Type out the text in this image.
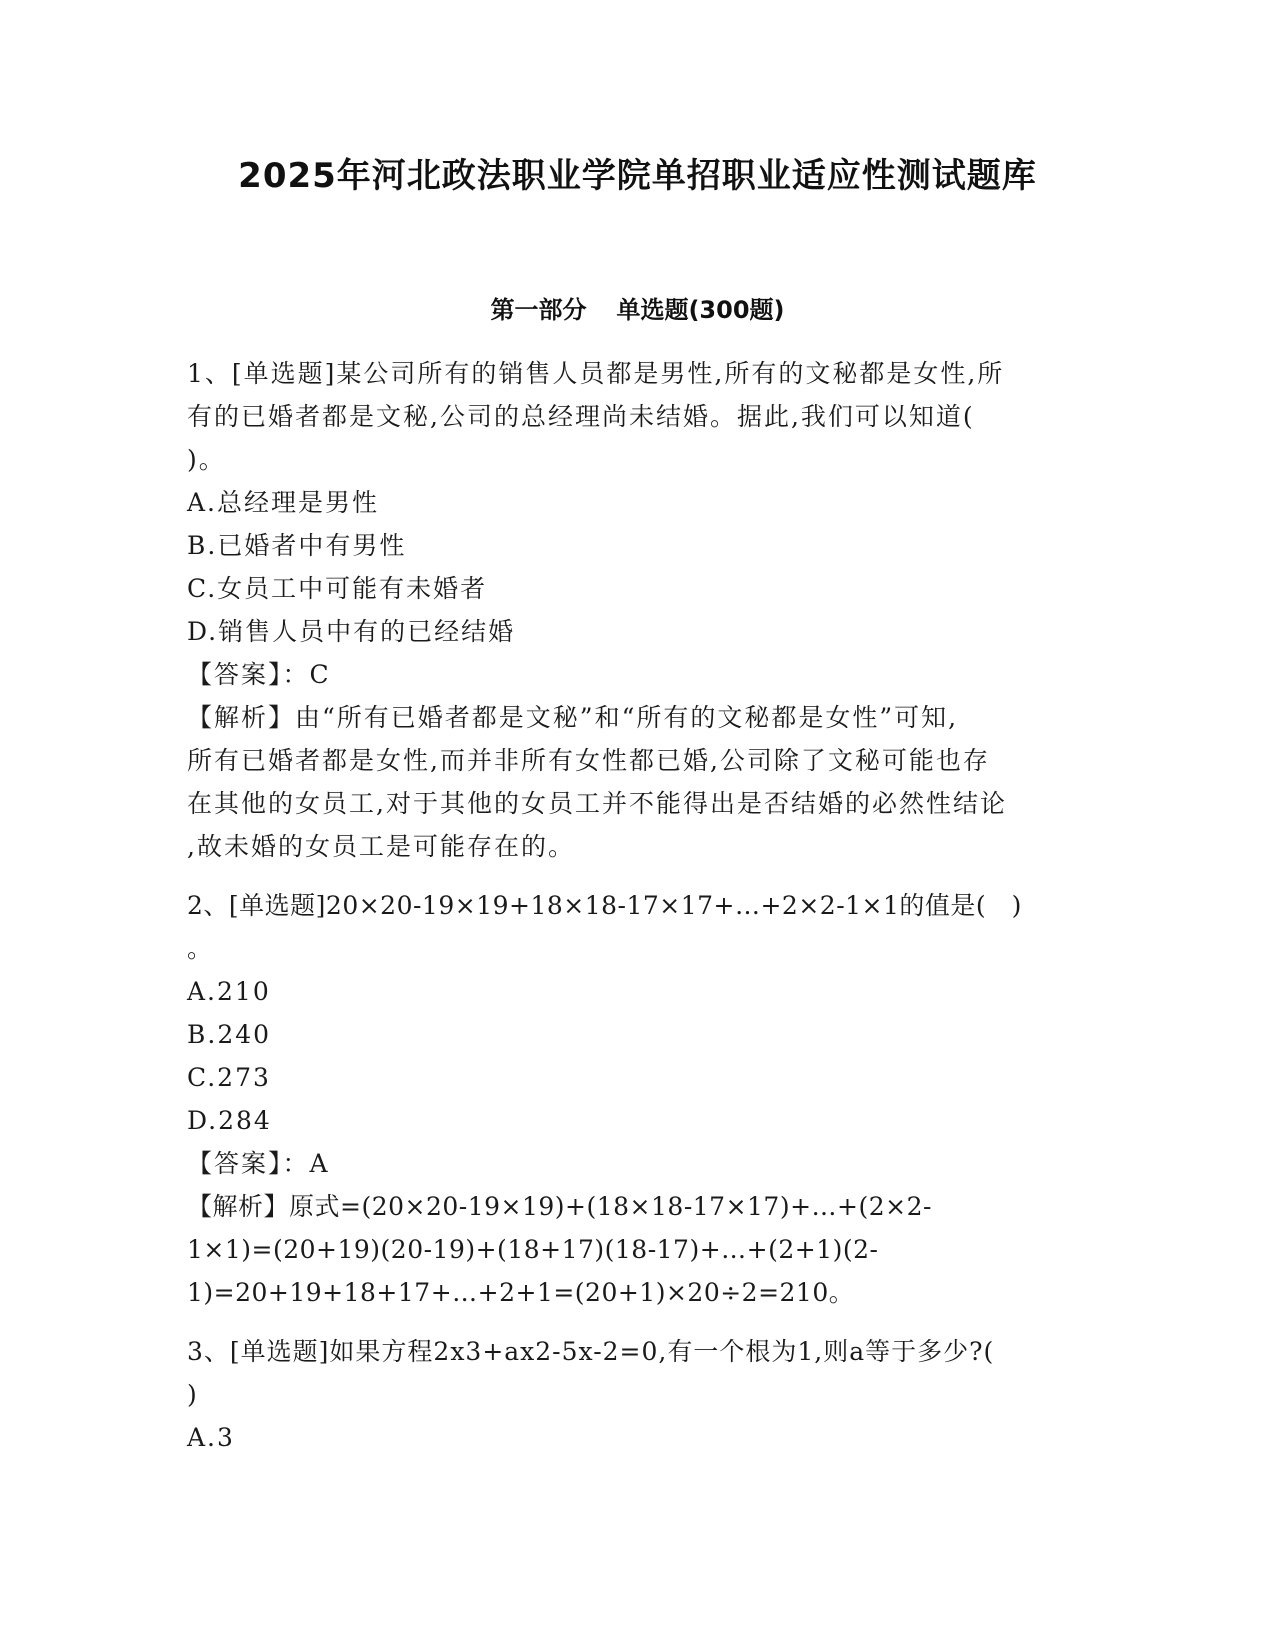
2025年河北政法职业学院单招职业适应性测试题库
第一部分 单选题(300题)
1、[单选题]某公司所有的销售人员都是男性,所有的文秘都是女性,所
有的已婚者都是文秘,公司的总经理尚未结婚。据此,我们可以知道(
)。
A.总经理是男性
B.已婚者中有男性
C.女员工中可能有未婚者
D.销售人员中有的已经结婚
【答案】：C
【解析】由“所有已婚者都是文秘”和“所有的文秘都是女性”可知,
所有已婚者都是女性,而并非所有女性都已婚,公司除了文秘可能也存
在其他的女员工,对于其他的女员工并不能得出是否结婚的必然性结论
,故未婚的女员工是可能存在的。
2、[单选题]20×20-19×19+18×18-17×17+…+2×2-1×1的值是(　)
。
A.210
B.240
C.273
D.284
【答案】：A
【解析】原式=(20×20-19×19)+(18×18-17×17)+…+(2×2-
1×1)=(20+19)(20-19)+(18+17)(18-17)+…+(2+1)(2-
1)=20+19+18+17+…+2+1=(20+1)×20÷2=210。
3、[单选题]如果方程2x3+ax2-5x-2=0,有一个根为1,则a等于多少?(
)
A.3
